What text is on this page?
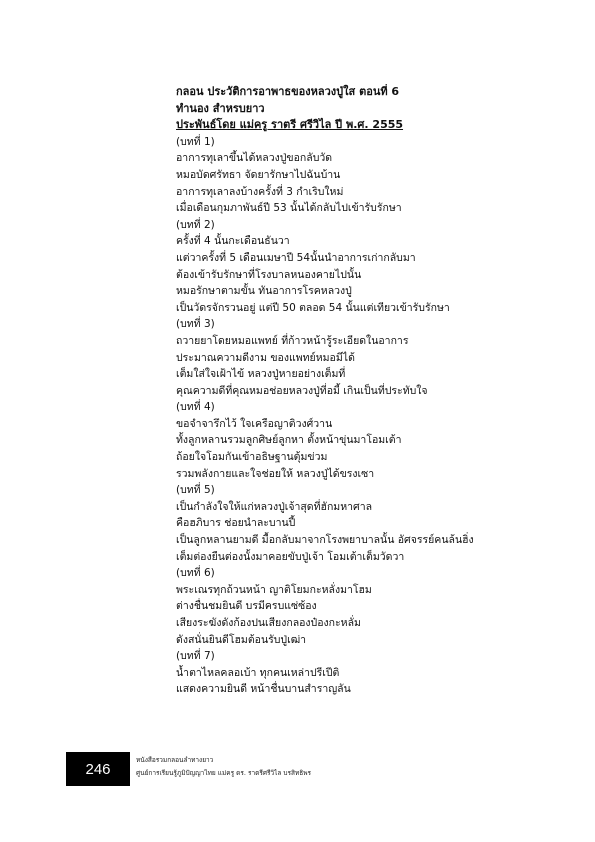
กลอน ประวัติการอาพาธของหลวงปู่ใส ตอนที่ 6
ทำนอง สำหรบยาว
ประพันธ์โดย แม่ครู ราตรี ศรีวิไล ปี พ.ศ. 2555
(บทที่ 1)
อาการทุเลาขึ้นได้หลวงปู่ขอกลับวัด
หมอบัดศรัทธา จัดยารักษาไปฉันบ้าน
อาการทุเลาลงบ้างครั้งที่ 3 กำเริบใหม่
เมื่อเดือนกุมภาพันธ์ปี 53 นั้นได้กลับไปเข้ารับรักษา
(บทที่ 2)
ครั้งที่ 4 นั้นกะเดือนธันวา
แต่วาครั้งที่ 5 เดือนเมษาปี 54นั้นนำอาการเก่ากลับมา
ต้องเข้ารับรักษาที่โรงบาลหนองคายไปนั้น
หมอรักษาตามขั้น ทันอาการโรคหลวงปู่
เป็นวัดรจักรวนอยู่ แต่ปี 50 ตลอด 54 นั้นแต่เทียวเข้ารับรักษา
(บทที่ 3)
ถวายยาโดยหมอแพทย์ ที่ก้าวหน้ารู้ระเอียดในอาการ
ประมาณความดีงาม ของแพทย์หมอมีได้
เต็มใส่ใจเฝ้าไข้ หลวงปู่หายอย่างเต็มที่
คุณความดีที่คุณหมอช่อยหลวงปู่ที่อมี้ เกินเป็นที่ประทับใจ
(บทที่ 4)
ขอจำจารึกไว้ ใจเครือญาติวงศ์วาน
ทั้งลูกหลานรวมลูกศิษย์ลูกหา ตั้งหน้าขุ่นมาโอมเต้า
ถ้อยใจโอมกันเข้าอธิษฐานตุ้มข่วม
รวมพลังกายและใจช่อยให้ หลวงปู่ได้ขรงเซา
(บทที่ 5)
เป็นกำลังใจให้แก่หลวงปู่เจ้าสุดที่ฮักมหาศาล
คือฮภิบาร ช่อยนำละบานปี้
เป็นลูกหลานยามดี มื้อกลับมาจากโรงพยาบาลนั้น อัศจรรย์คนล้นฮิ่ง
เต็มต่องยืนต่องนั้งมาคอยขับปู่เจ้า โอมเต้าเต็มวัดวา
(บทที่ 6)
พระเณรทุกถ้วนหน้า ญาติโยมกะหลั่งมาโฮม
ต่างชื่นชมยินดี บรมีครบแซ่ซ้อง
เสียงระฆังดังก้องปนเสียงกลองป๋องกะหลั่ม
ดังสนั่นยินดีโฮมต้อนรับปู่เฒ่า
(บทที่ 7)
น้ำตาไหลคลอเบ้า ทุกคนเหล่าปรีเปีติ
แสดงความยินดี หน้าชื่นบานสำราญลัน
246
หนังสือรวมกลอนลำทางยาว
ศูนย์การเรียนรู้ภูมิปัญญาไทย แม่ครู ดร. ราตรีศรีวิไล บรสิทธิพร
